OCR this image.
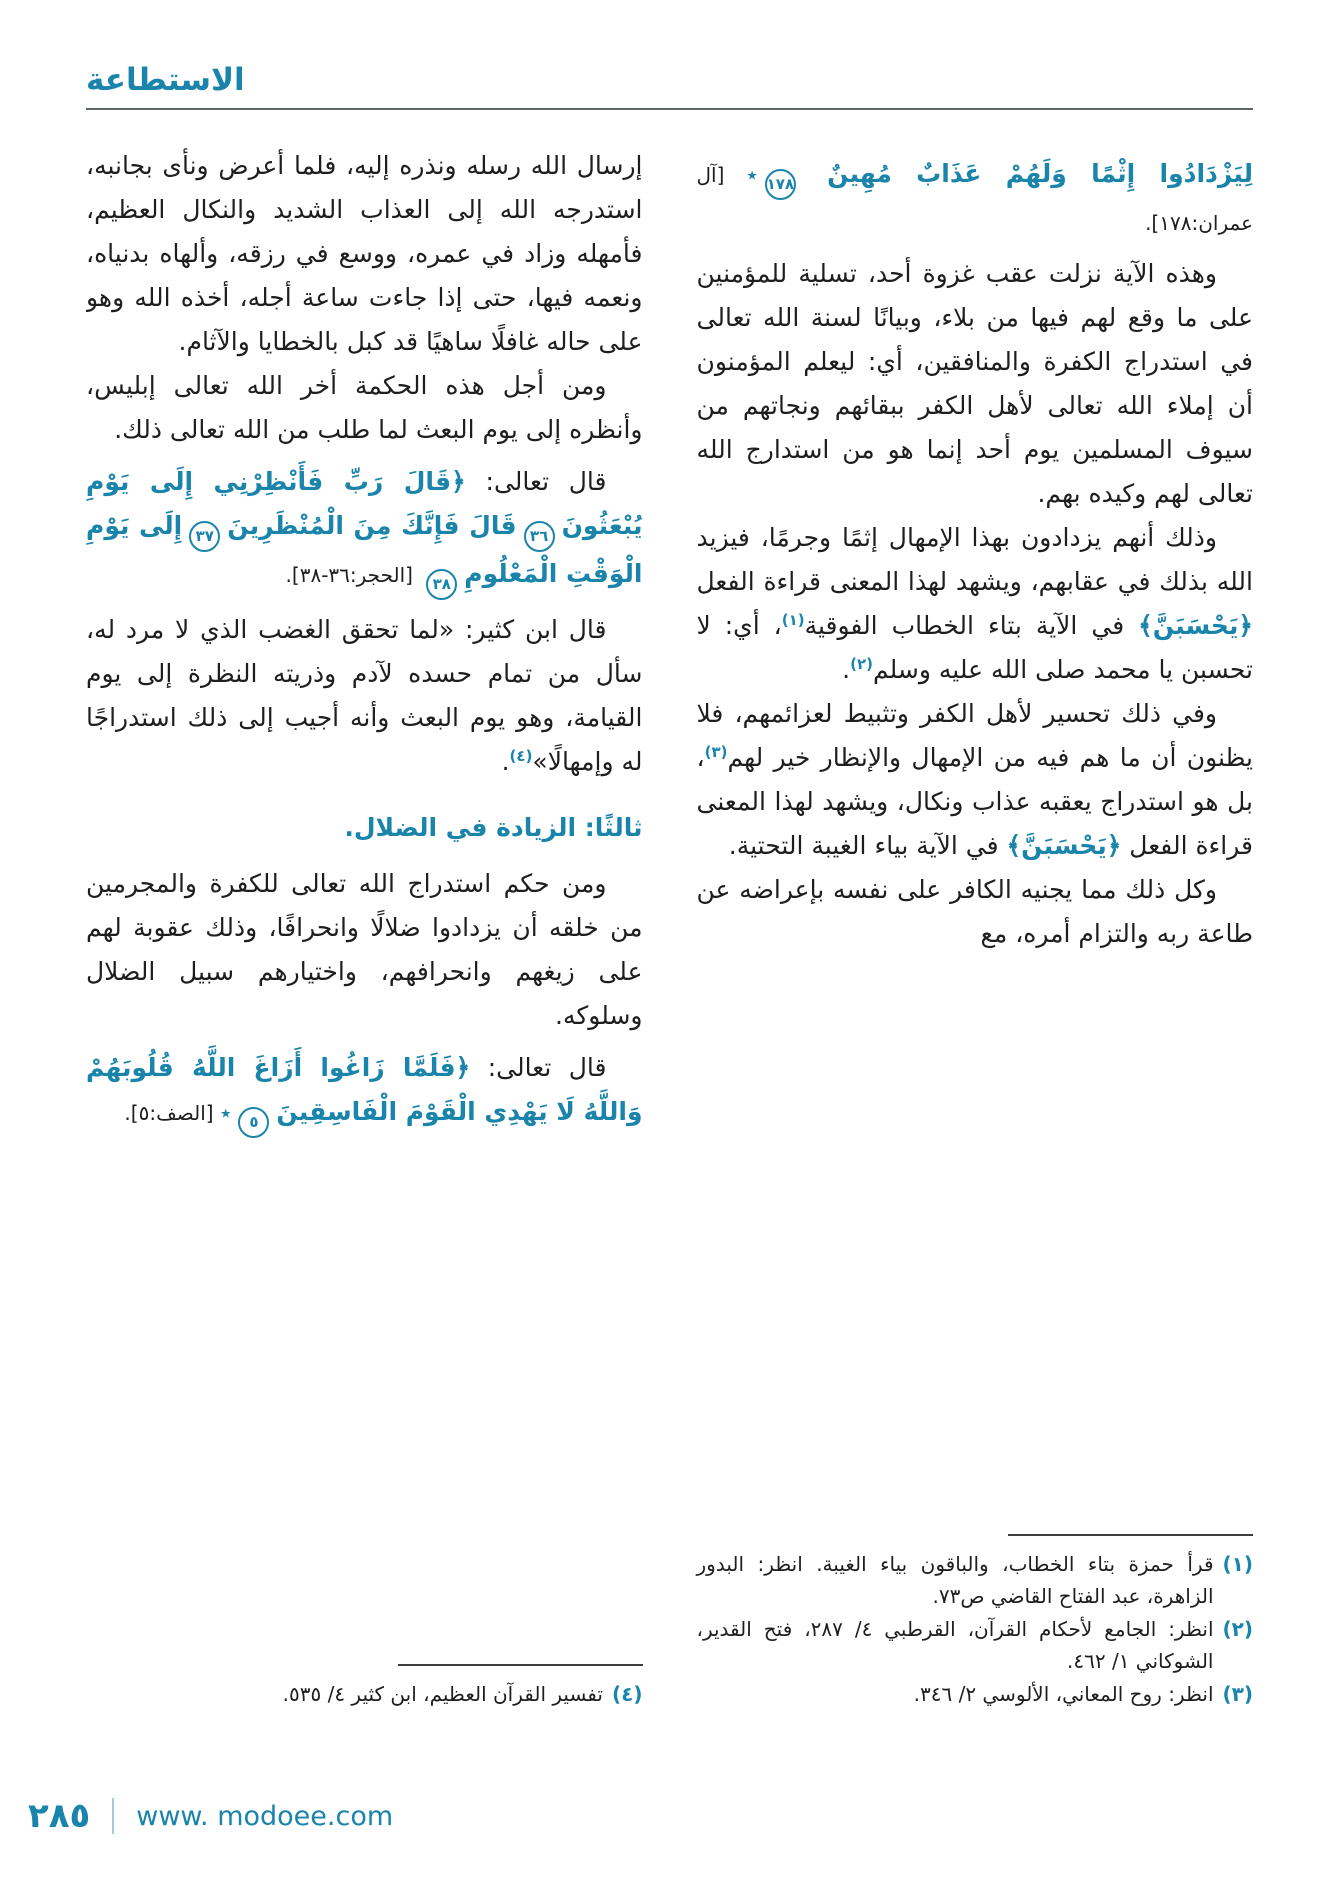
الاستطاعة

لِيَزْدَادُوا إِثْمًا وَلَهُمْ عَذَابٌ مُهِينٌ ١٧٨٭ [آل عمران:١٧٨].

وهذه الآية نزلت عقب غزوة أحد، تسلية للمؤمنين على ما وقع لهم فيها من بلاء، وبيانًا لسنة الله تعالى في استدراج الكفرة والمنافقين، أي: ليعلم المؤمنون أن إملاء الله تعالى لأهل الكفر ببقائهم ونجاتهم من سيوف المسلمين يوم أحد إنما هو من استدارج الله تعالى لهم وكيده بهم.

وذلك أنهم يزدادون بهذا الإمهال إثمًا وجرمًا، فيزيد الله بذلك في عقابهم، ويشهد لهذا المعنى قراءة الفعل ﴿يَحْسَبَنَّ﴾ في الآية بتاء الخطاب الفوقية$^{(١)}$، أي: لا تحسبن يا محمد صلى الله عليه وسلم$^{(٢)}$.

وفي ذلك تحسير لأهل الكفر وتثبيط لعزائمهم، فلا يظنون أن ما هم فيه من الإمهال والإنظار خير لهم$^{(٣)}$، بل هو استدراج يعقبه عذاب ونكال، ويشهد لهذا المعنى قراءة الفعل ﴿يَحْسَبَنَّ﴾ في الآية بياء الغيبة التحتية.

وكل ذلك مما يجنيه الكافر على نفسه بإعراضه عن طاعة ربه والتزام أمره، مع

(١)
قرأ حمزة بتاء الخطاب، والباقون بياء الغيبة. انظر: البدور الزاهرة، عبد الفتاح القاضي ص٧٣.
(٢)
انظر: الجامع لأحكام القرآن، القرطبي ٤/ ٢٨٧، فتح القدير، الشوكاني ١/ ٤٦٢.
(٣)
انظر: روح المعاني، الألوسي ٢/ ٣٤٦.

إرسال الله رسله ونذره إليه، فلما أعرض ونأى بجانبه، استدرجه الله إلى العذاب الشديد والنكال العظيم، فأمهله وزاد في عمره، ووسع في رزقه، وألهاه بدنياه، ونعمه فيها، حتى إذا جاءت ساعة أجله، أخذه الله وهو على حاله غافلًا ساهيًا قد كبل بالخطايا والآثام.

ومن أجل هذه الحكمة أخر الله تعالى إبليس، وأنظره إلى يوم البعث لما طلب من الله تعالى ذلك.

قال تعالى: ﴿قَالَ رَبِّ فَأَنْظِرْنِي إِلَى يَوْمِ يُبْعَثُونَ٣٦قَالَ فَإِنَّكَ مِنَ الْمُنْظَرِينَ٣٧إِلَى يَوْمِ الْوَقْتِ الْمَعْلُومِ٣٨ [الحجر:٣٦-٣٨].

قال ابن كثير: «لما تحقق الغضب الذي لا مرد له، سأل من تمام حسده لآدم وذريته النظرة إلى يوم القيامة، وهو يوم البعث وأنه أجيب إلى ذلك استدراجًا له وإمهالًا»$^{(٤)}$.

ثالثًا: الزيادة في الضلال.

ومن حكم استدراج الله تعالى للكفرة والمجرمين من خلقه أن يزدادوا ضلالًا وانحرافًا، وذلك عقوبة لهم على زيغهم وانحرافهم، واختيارهم سبيل الضلال وسلوكه.

قال تعالى: ﴿فَلَمَّا زَاغُوا أَزَاغَ اللَّهُ قُلُوبَهُمْ وَاللَّهُ لَا يَهْدِي الْقَوْمَ الْفَاسِقِينَ٥٭ [الصف:٥].

(٤)
تفسير القرآن العظيم، ابن كثير ٤/ ٥٣٥.
٢٨٥ www. modoee.com
